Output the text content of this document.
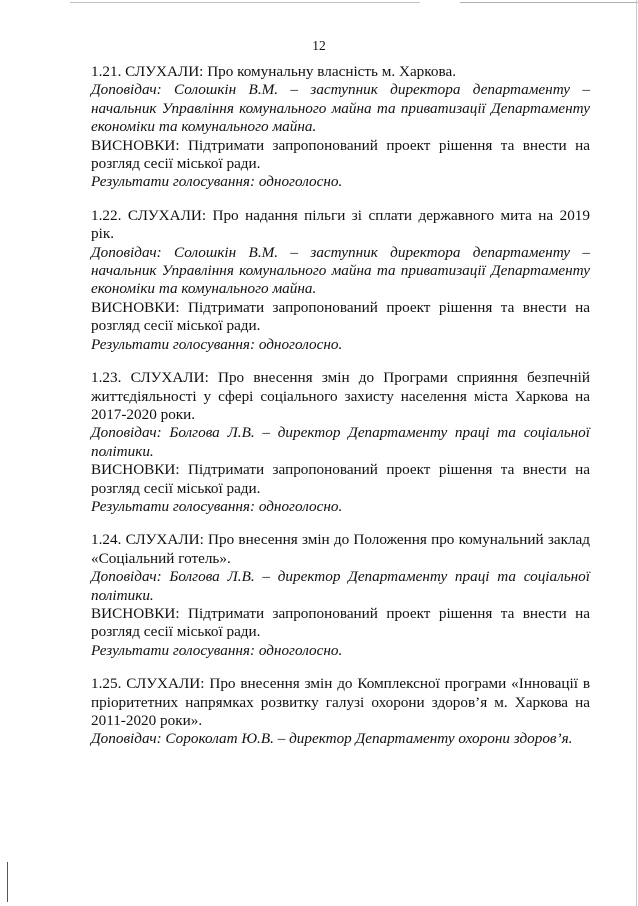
12

1.21. СЛУХАЛИ: Про комунальну власність м. Харкова.

Доповідач: Солошкін В.М. – заступник директора департаменту – начальник Управління комунального майна та приватизації Департаменту економіки та комунального майна.

ВИСНОВКИ: Підтримати запропонований проект рішення та внести на розгляд сесії міської ради.

Результати голосування: одноголосно.

1.22. СЛУХАЛИ: Про надання пільги зі сплати державного мита на 2019 рік.

Доповідач: Солошкін В.М. – заступник директора департаменту – начальник Управління комунального майна та приватизації Департаменту економіки та комунального майна.

ВИСНОВКИ: Підтримати запропонований проект рішення та внести на розгляд сесії міської ради.

Результати голосування: одноголосно.

1.23. СЛУХАЛИ: Про внесення змін до Програми сприяння безпечній життєдіяльності у сфері соціального захисту населення міста Харкова на 2017-2020 роки.

Доповідач: Болгова Л.В. – директор Департаменту праці та соціальної політики.

ВИСНОВКИ: Підтримати запропонований проект рішення та внести на розгляд сесії міської ради.

Результати голосування: одноголосно.

1.24. СЛУХАЛИ: Про внесення змін до Положення про комунальний заклад «Соціальний готель».

Доповідач: Болгова Л.В. – директор Департаменту праці та соціальної політики.

ВИСНОВКИ: Підтримати запропонований проект рішення та внести на розгляд сесії міської ради.

Результати голосування: одноголосно.

1.25. СЛУХАЛИ: Про внесення змін до Комплексної програми «Інновації в пріоритетних напрямках розвитку галузі охорони здоров’я м. Харкова на 2011-2020 роки».

Доповідач: Сороколат Ю.В. – директор Департаменту охорони здоров’я.
